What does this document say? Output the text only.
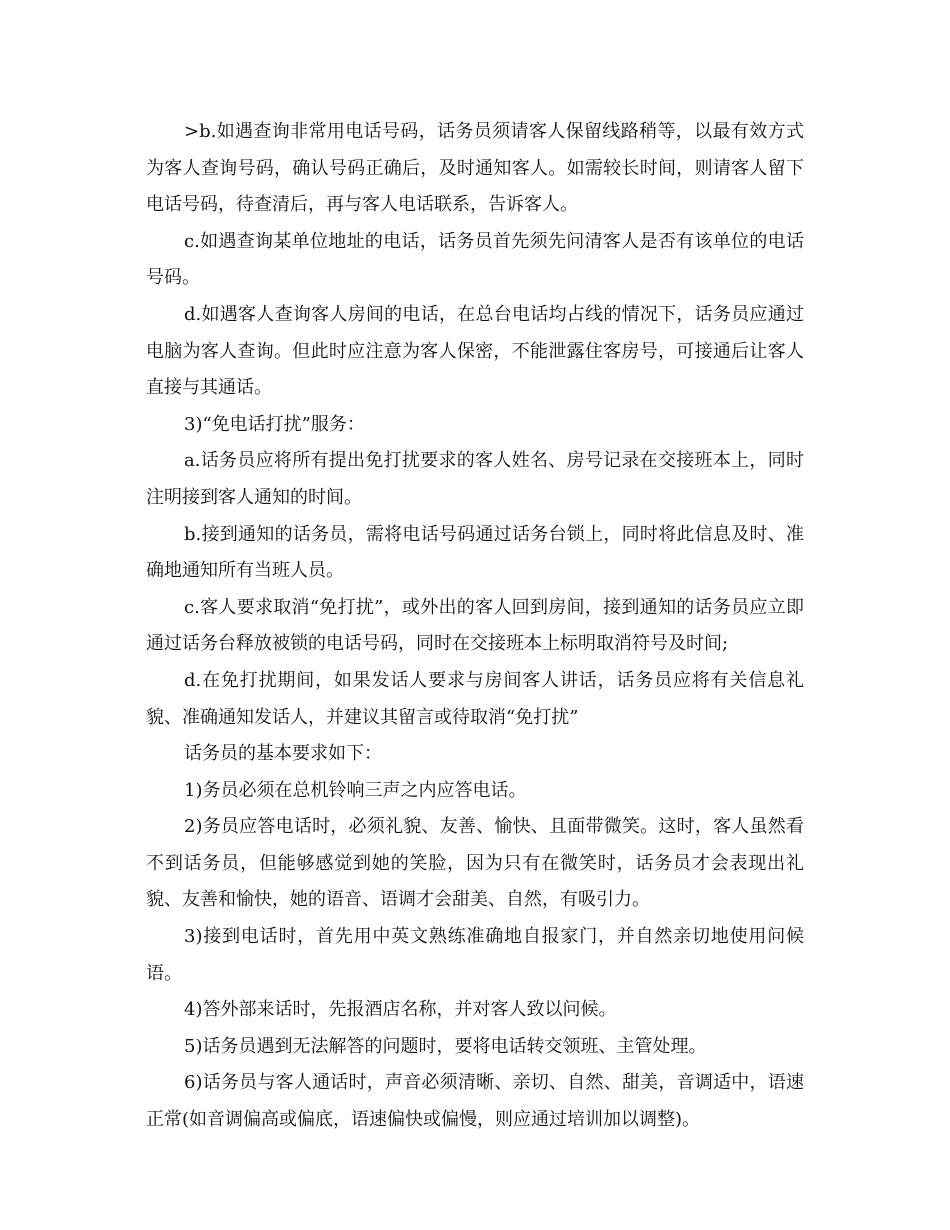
>b.如遇查询非常用电话号码，话务员须请客人保留线路稍等，以最有效方式为客人查询号码，确认号码正确后，及时通知客人。如需较长时间，则请客人留下电话号码，待查清后，再与客人电话联系，告诉客人。

c.如遇查询某单位地址的电话，话务员首先须先问清客人是否有该单位的电话号码。

d.如遇客人查询客人房间的电话，在总台电话均占线的情况下，话务员应通过电脑为客人查询。但此时应注意为客人保密，不能泄露住客房号，可接通后让客人直接与其通话。

3)“免电话打扰”服务：

a.话务员应将所有提出免打扰要求的客人姓名、房号记录在交接班本上，同时注明接到客人通知的时间。

b.接到通知的话务员，需将电话号码通过话务台锁上，同时将此信息及时、准确地通知所有当班人员。

c.客人要求取消“免打扰”，或外出的客人回到房间，接到通知的话务员应立即通过话务台释放被锁的电话号码，同时在交接班本上标明取消符号及时间;

d.在免打扰期间，如果发话人要求与房间客人讲话，话务员应将有关信息礼貌、准确通知发话人，并建议其留言或待取消“免打扰”

话务员的基本要求如下：

1)务员必须在总机铃响三声之内应答电话。

2)务员应答电话时，必须礼貌、友善、愉快、且面带微笑。这时，客人虽然看不到话务员，但能够感觉到她的笑脸，因为只有在微笑时，话务员才会表现出礼貌、友善和愉快，她的语音、语调才会甜美、自然，有吸引力。

3)接到电话时，首先用中英文熟练准确地自报家门，并自然亲切地使用问候语。

4)答外部来话时，先报酒店名称，并对客人致以问候。

5)话务员遇到无法解答的问题时，要将电话转交领班、主管处理。

6)话务员与客人通话时，声音必须清晰、亲切、自然、甜美，音调适中，语速正常(如音调偏高或偏底，语速偏快或偏慢，则应通过培训加以调整)。
